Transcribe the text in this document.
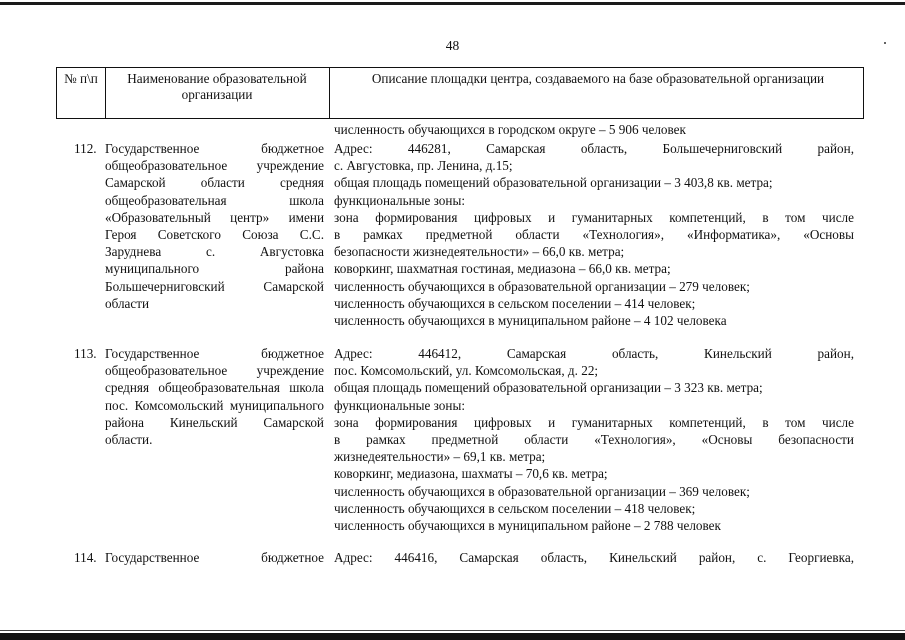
48
№ п\п	Наименование образовательной организации
Описание площадки центра, создаваемого на базе образовательной организации
численность обучающихся в городском округе – 5 906 человек
112. Государственное бюджетное общеобразовательное учреждение Самарской области средняя общеобразовательная школа «Образовательный центр» имени Героя Советского Союза С.С. Заруднева с. Августовка муниципального района Большечерниговский Самарской области
Адрес: 446281, Самарская область, Большечерниговский район,
с. Августовка, пр. Ленина, д.15;
общая площадь помещений образовательной организации – 3 403,8 кв. метра;
функциональные зоны:
зона формирования цифровых и гуманитарных компетенций, в том числе
в рамках предметной области «Технология», «Информатика», «Основы
безопасности жизнедеятельности» – 66,0 кв. метра;
коворкинг, шахматная гостиная, медиазона – 66,0 кв. метра;
численность обучающихся в образовательной организации – 279 человек;
численность обучающихся в сельском поселении – 414 человек;
численность обучающихся в муниципальном районе – 4 102 человека
113. Государственное бюджетное общеобразовательное учреждение средняя общеобразовательная школа пос. Комсомольский муниципального района Кинельский Самарской области.
Адрес: 446412, Самарская область, Кинельский район,
пос. Комсомольский, ул. Комсомольская, д. 22;
общая площадь помещений образовательной организации – 3 323 кв. метра;
функциональные зоны:
зона формирования цифровых и гуманитарных компетенций, в том числе
в рамках предметной области «Технология», «Основы безопасности
жизнедеятельности» – 69,1 кв. метра;
коворкинг, медиазона, шахматы – 70,6 кв. метра;
численность обучающихся в образовательной организации – 369 человек;
численность обучающихся в сельском поселении – 418 человек;
численность обучающихся в муниципальном районе – 2 788 человек
114. Государственное бюджетное Адрес: 446416, Самарская область, Кинельский район, с. Георгиевка,
